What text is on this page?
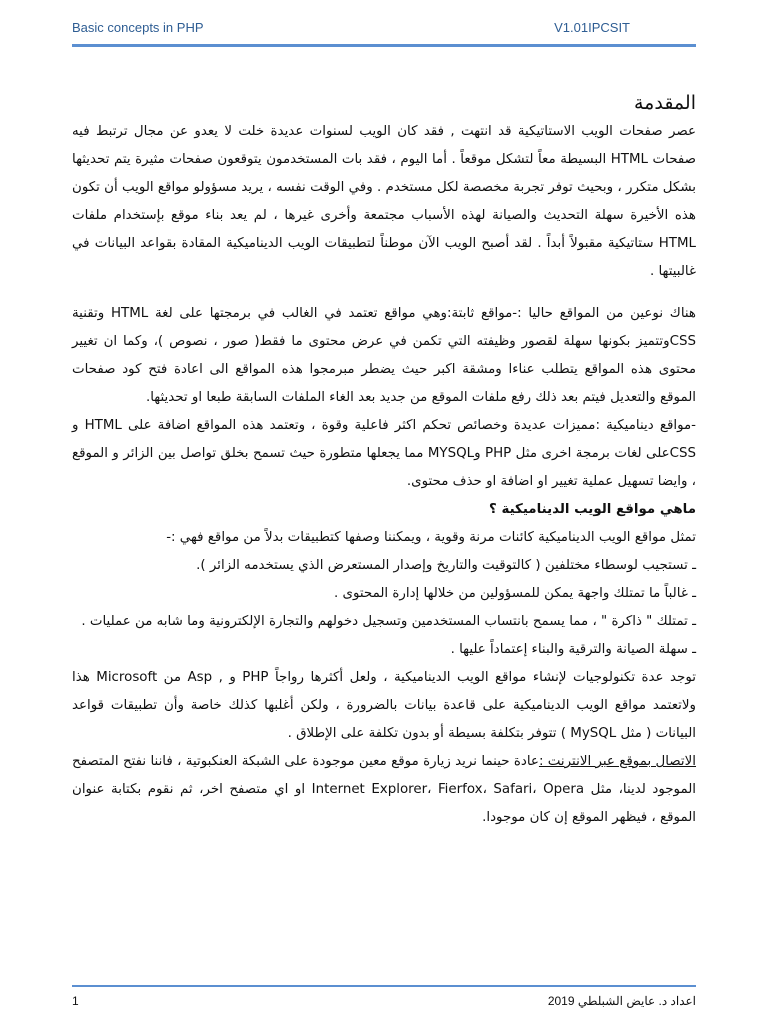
Basic concepts in PHP	V1.01IPCSIT

المقدمة

عصر صفحات الويب الاستاتيكية قد انتهت , فقد كان الويب لسنوات عديدة خلت لا يعدو عن مجال ترتبط فيه صفحات HTML البسيطة معاً لتشكل موقعاً . أما اليوم ، فقد بات المستخدمون يتوقعون صفحات مثيرة يتم تحديثها بشكل متكرر ، وبحيث توفر تجربة مخصصة لكل مستخدم . وفي الوقت نفسه ، يريد مسؤولو مواقع الويب أن تكون هذه الأخيرة سهلة التحديث والصيانة لهذه الأسباب مجتمعة وأخرى غيرها ، لم يعد بناء موقع بإستخدام ملفات HTML ستاتيكية مقبولاً أبداً . لقد أصبح الويب الآن موطناً لتطبيقات الويب الديناميكية المقادة بقواعد البيانات في غالبيتها .

هناك نوعين من المواقع حاليا :-مواقع ثابتة:وهي مواقع تعتمد في الغالب في برمجتها على لغة HTML وتقنية CSSوتتميز بكونها سهلة لقصور وظيفته التي تكمن في عرض محتوى ما فقط( صور ، نصوص )، وكما ان تغيير محتوى هذه المواقع يتطلب عناءا ومشقة اكبر حيث يضطر مبرمجوا هذه المواقع الى اعادة فتح كود صفحات الموقع والتعديل فيتم بعد ذلك رفع ملفات الموقع من جديد بعد الغاء الملفات السابقة طبعا او تحديثها.

-مواقع ديناميكية :مميزات عديدة وخصائص تحكم اكثر فاعلية وقوة ، وتعتمد هذه المواقع اضافة على HTML و CSSعلى لغات برمجة اخرى مثل PHP وMYSQL مما يجعلها متطورة حيث تسمح بخلق تواصل بين الزائر و الموقع ، وايضا تسهيل عملية تغيير او اضافة او حذف محتوى.

ماهي مواقع الويب الديناميكية ؟

تمثل مواقع الويب الديناميكية كائنات مرنة وقوية ، ويمكننا وصفها كتطبيقات بدلاً من مواقع فهي :-

ـ تستجيب لوسطاء مختلفين ( كالتوقيت والتاريخ وإصدار المستعرض الذي يستخدمه الزائر ).

ـ غالباً ما تمتلك واجهة يمكن للمسؤولين من خلالها إدارة المحتوى .

ـ تمتلك " ذاكرة " ، مما يسمح بانتساب المستخدمين وتسجيل دخولهم والتجارة الإلكترونية وما شابه من عمليات .

ـ سهلة الصيانة والترقية والبناء إعتماداً عليها .

توجد عدة تكنولوجيات لإنشاء مواقع الويب الديناميكية ، ولعل أكثرها رواجاً PHP و , Asp من Microsoft هذا ولاتعتمد مواقع الويب الديناميكية على قاعدة بيانات بالضرورة ، ولكن أغلبها كذلك خاصة وأن تطبيقات قواعد البيانات ( مثل MySQL ) تتوفر بتكلفة بسيطة أو بدون تكلفة على الإطلاق .

الاتصال بموقع عبر الانترنت :عادة حينما نريد زيارة موقع معين موجودة على الشبكة العنكبوتية ، فاننا نفتح المتصفح الموجود لدينا، مثل Internet Explorer، Fierfox، Safari، Opera او اي متصفح اخر، ثم نقوم بكتابة عنوان الموقع ، فيظهر الموقع إن كان موجودا.

1	اعداد د. عايض الشبلطي 2019
